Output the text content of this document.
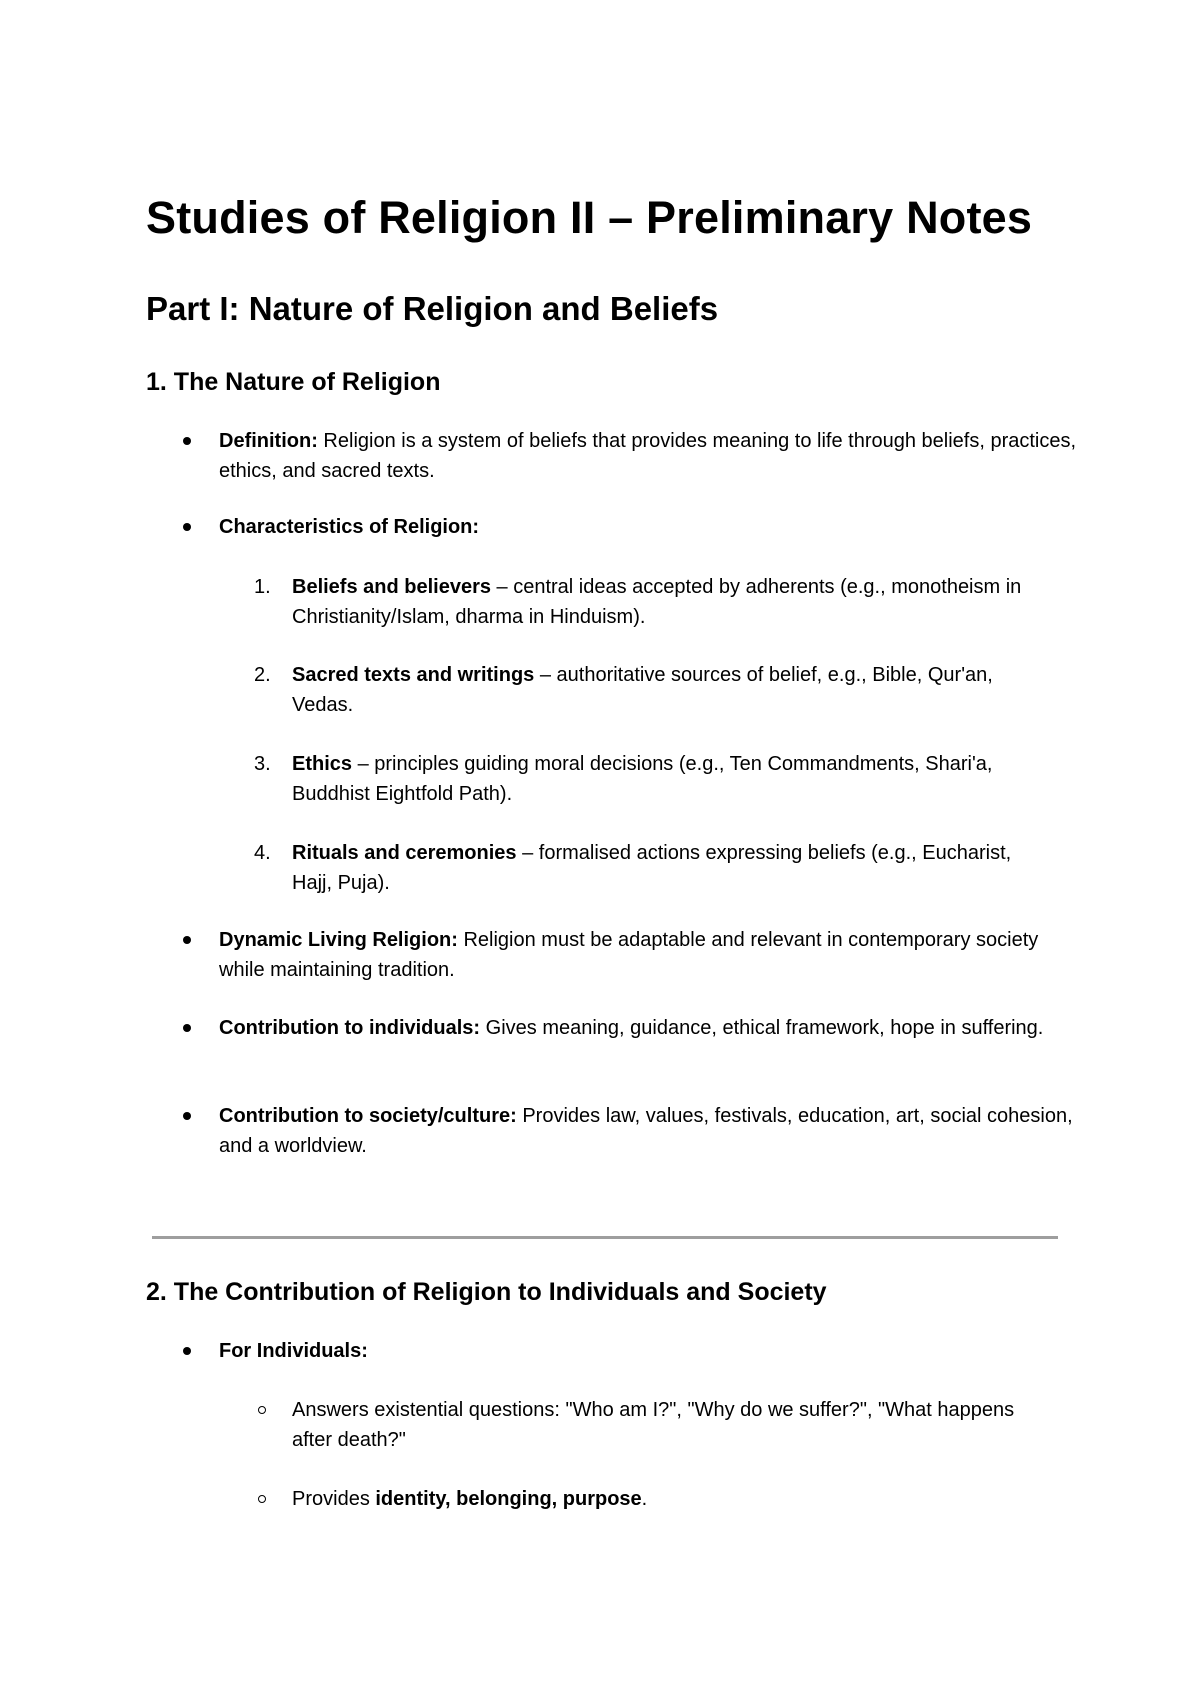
Studies of Religion II – Preliminary Notes
Part I: Nature of Religion and Beliefs
1. The Nature of Religion
Definition: Religion is a system of beliefs that provides meaning to life through beliefs, practices, ethics, and sacred texts.
Characteristics of Religion:
1. Beliefs and believers – central ideas accepted by adherents (e.g., monotheism in Christianity/Islam, dharma in Hinduism).
2. Sacred texts and writings – authoritative sources of belief, e.g., Bible, Qur'an, Vedas.
3. Ethics – principles guiding moral decisions (e.g., Ten Commandments, Shari'a, Buddhist Eightfold Path).
4. Rituals and ceremonies – formalised actions expressing beliefs (e.g., Eucharist, Hajj, Puja).
Dynamic Living Religion: Religion must be adaptable and relevant in contemporary society while maintaining tradition.
Contribution to individuals: Gives meaning, guidance, ethical framework, hope in suffering.
Contribution to society/culture: Provides law, values, festivals, education, art, social cohesion, and a worldview.
2. The Contribution of Religion to Individuals and Society
For Individuals:
Answers existential questions: "Who am I?", "Why do we suffer?", "What happens after death?"
Provides identity, belonging, purpose.
